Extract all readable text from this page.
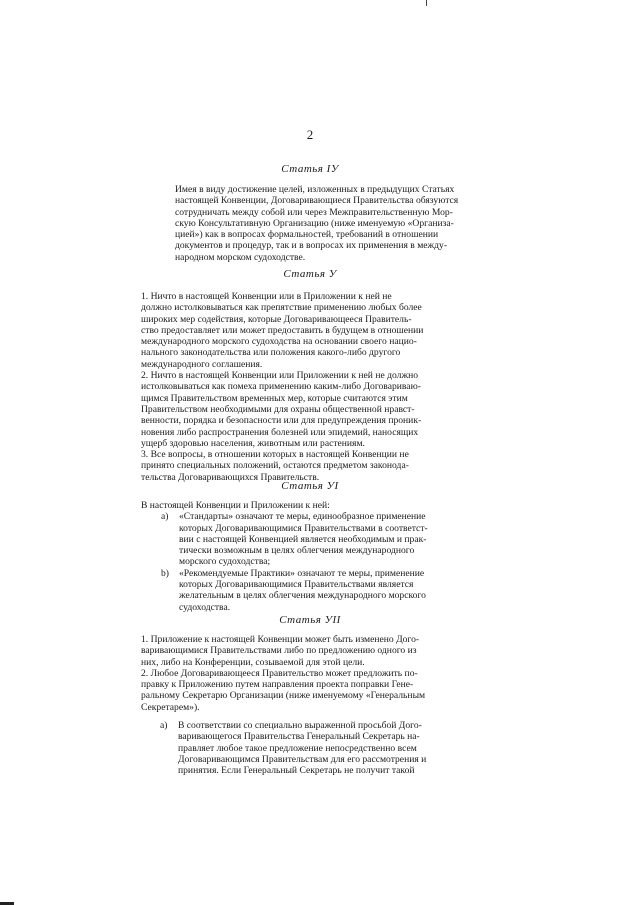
2
Статья IУ

Имея в виду достижение целей, изложенных в предыдущих Статьях

настоящей Конвенции, Договаривающиеся Правительства обязуются

сотрудничать между собой или через Межправительственную Мор-

скую Консультативную Организацию (ниже именуемую «Организа-

цией») как в вопросах формальностей, требований в отношении

документов и процедур, так и в вопросах их применения в между-

народном морском судоходстве.

Статья У

1. Ничто в настоящей Конвенции или в Приложении к ней не

должно истолковываться как препятствие применению любых более

широких мер содействия, которые Договаривающееся Правитель-

ство предоставляет или может предоставить в будущем в отношении

международного морского судоходства на основании своего нацио-

нального законодательства или положения какого-либо другого

международного соглашения.

2. Ничто в настоящей Конвенции или Приложении к ней не должно

истолковываться как помеха применению каким-либо Договариваю-

щимся Правительством временных мер, которые считаются этим

Правительством необходимыми для охраны общественной нравст-

венности, порядка и безопасности или для предупреждения проник-

новения либо распространения болезней или эпидемий, наносящих

ущерб здоровью населения, животным или растениям.

3. Все вопросы, в отношении которых в настоящей Конвенции не

принято специальных положений, остаются предметом законода-

тельства Договаривающихся Правительств.

Статья УI

В настоящей Конвенции и Приложении к ней:

a)	«Стандарты» означают те меры, единообразное применение

которых Договаривающимися Правительствами в соответст-

вии с настоящей Конвенцией является необходимым и прак-

тически возможным в целях облегчения международного

морского судоходства;

b)	«Рекомендуемые Практики» означают те меры, применение

которых Договаривающимися Правительствами является

желательным в целях облегчения международного морского

судоходства.

Статья УII

1. Приложение к настоящей Конвенции может быть изменено Дого-

варивающимися Правительствами либо по предложению одного из

них, либо на Конференции, созываемой для этой цели.

2. Любое Договаривающееся Правительство может предложить по-

правку к Приложению путем направления проекта поправки Гене-

ральному Секретарю Организации (ниже именуемому «Генеральным

Секретарем»).

a)	В соответствии со специально выраженной просьбой Дого-

варивающегося Правительства Генеральный Секретарь на-

правляет любое такое предложение непосредственно всем

Договаривающимся Правительствам для его рассмотрения и

принятия. Если Генеральный Секретарь не получит такой
